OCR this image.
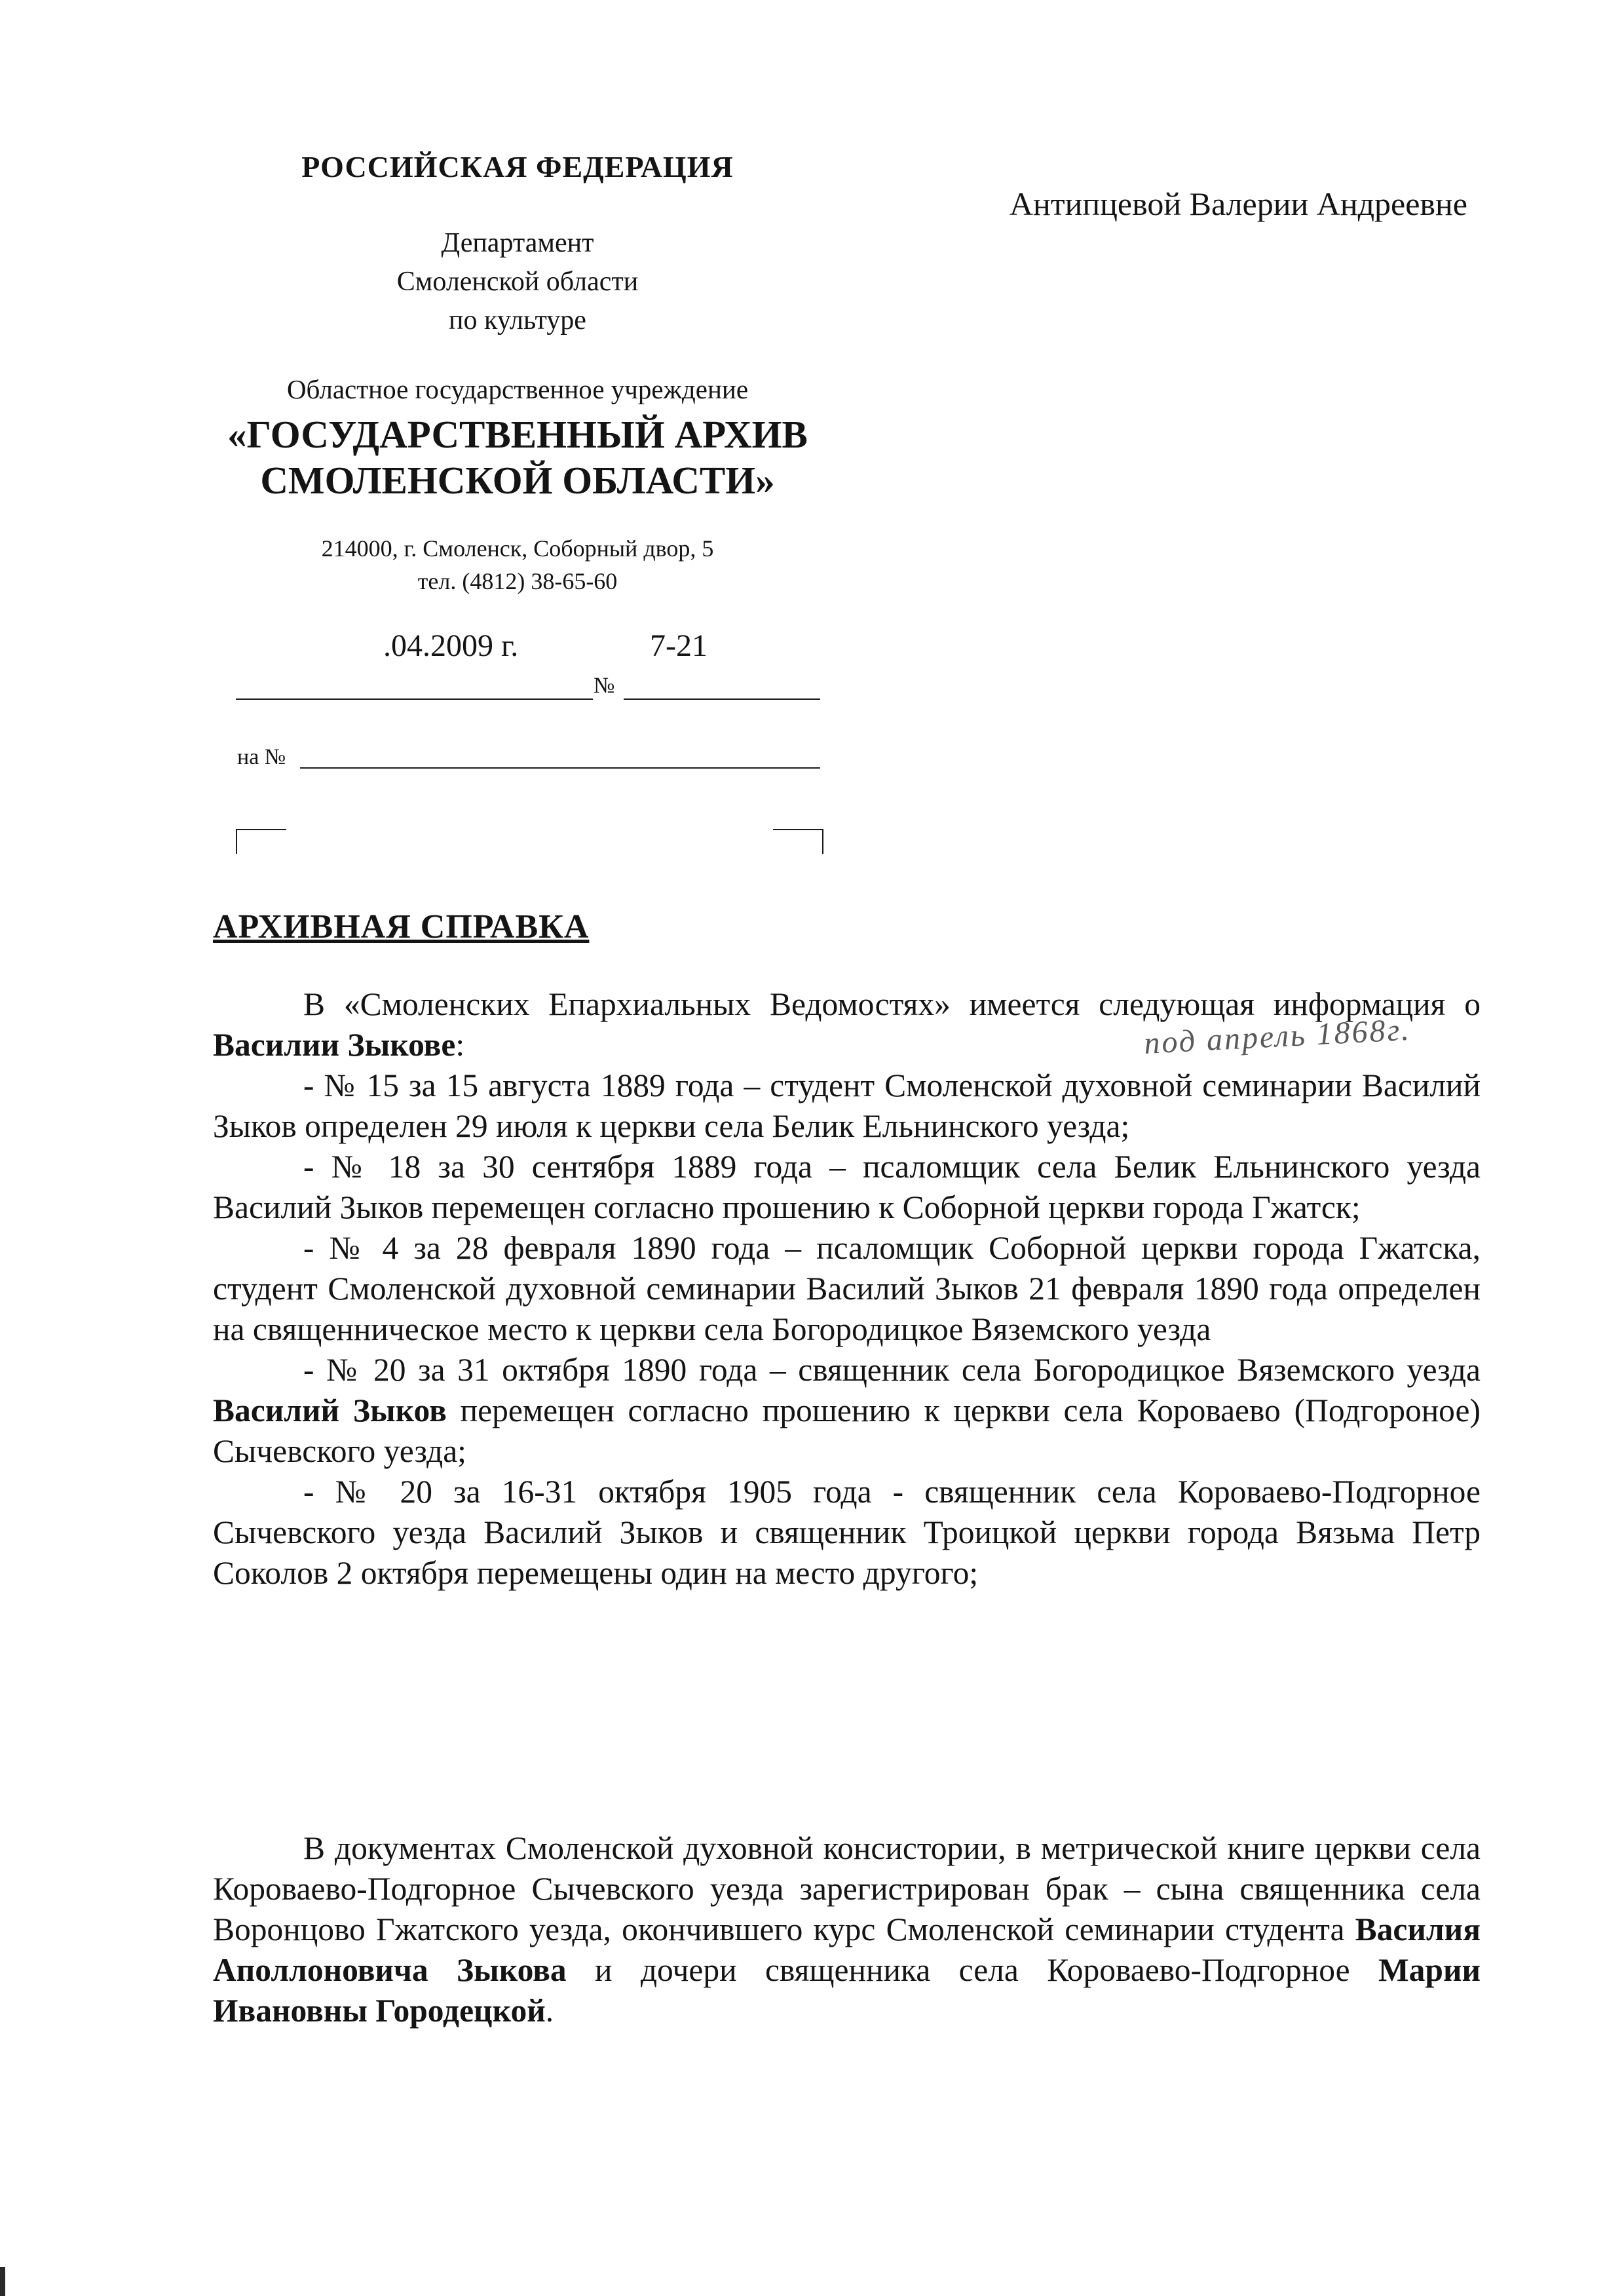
РОССИЙСКАЯ ФЕДЕРАЦИЯ
Департамент
Смоленской области
по культуре
Областное государственное учреждение
«ГОСУДАРСТВЕННЫЙ АРХИВ
СМОЛЕНСКОЙ ОБЛАСТИ»
214000, г. Смоленск, Соборный двор, 5
тел. (4812) 38-65-60
Антипцевой Валерии Андреевне
.04.2009 г.	7-21
№
на №
АРХИВНАЯ СПРАВКА
под апрель 1868г.

В «Смоленских Епархиальных Ведомостях» имеется следующая информация о Василии Зыкове:

- № 15 за 15 августа 1889 года – студент Смоленской духовной семинарии Василий Зыков определен 29 июля к церкви села Белик Ельнинского уезда;

- № 18 за 30 сентября 1889 года – псаломщик села Белик Ельнинского уезда Василий Зыков перемещен согласно прошению к Соборной церкви города Гжатск;

- № 4 за 28 февраля 1890 года – псаломщик Соборной церкви города Гжатска, студент Смоленской духовной семинарии Василий Зыков 21 февраля 1890 года определен на священническое место к церкви села Богородицкое Вяземского уезда

- № 20 за 31 октября 1890 года – священник села Богородицкое Вяземского уезда Василий Зыков перемещен согласно прошению к церкви села Короваево (Подгороное) Сычевского уезда;

- № 20 за 16-31 октября 1905 года - священник села Короваево-Подгорное Сычевского уезда Василий Зыков и священник Троицкой церкви города Вязьма Петр Соколов 2 октября перемещены один на место другого;

В документах Смоленской духовной консистории, в метрической книге церкви села Короваево-Подгорное Сычевского уезда зарегистрирован брак – сына священника села Воронцово Гжатского уезда, окончившего курс Смоленской семинарии студента Василия Аполлоновича Зыкова и дочери священника села Короваево-Подгорное Марии Ивановны Городецкой.
